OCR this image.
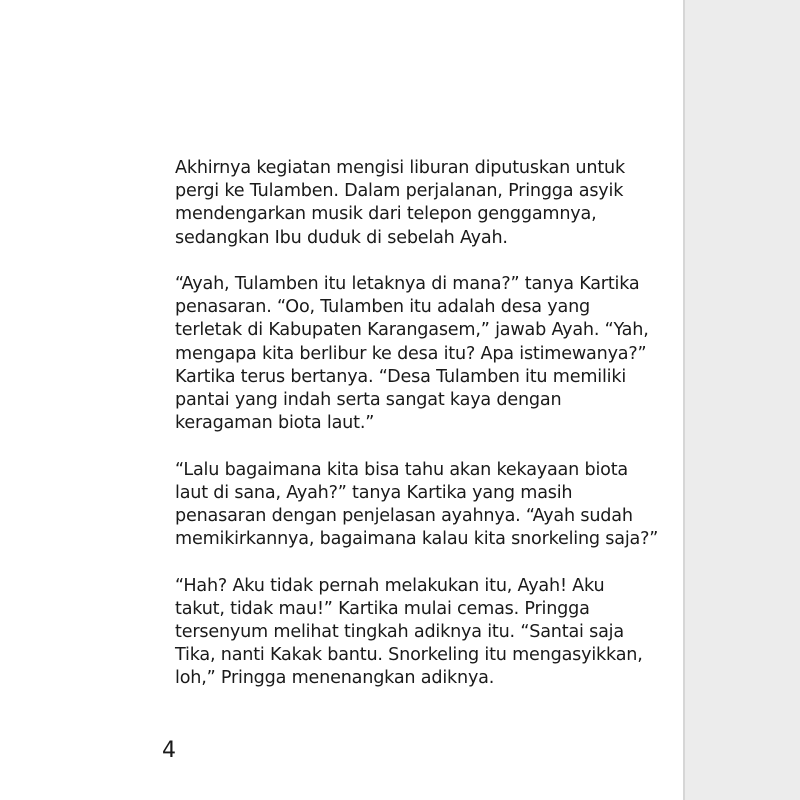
Akhirnya kegiatan mengisi liburan diputuskan untuk
pergi ke Tulamben. Dalam perjalanan, Pringga asyik
mendengarkan musik dari telepon genggamnya,
sedangkan Ibu duduk di sebelah Ayah.

“Ayah, Tulamben itu letaknya di mana?” tanya Kartika
penasaran. “Oo, Tulamben itu adalah desa yang
terletak di Kabupaten Karangasem,” jawab Ayah. “Yah,
mengapa kita berlibur ke desa itu? Apa istimewanya?”
Kartika terus bertanya. “Desa Tulamben itu memiliki
pantai yang indah serta sangat kaya dengan
keragaman biota laut.”

“Lalu bagaimana kita bisa tahu akan kekayaan biota
laut di sana, Ayah?” tanya Kartika yang masih
penasaran dengan penjelasan ayahnya. “Ayah sudah
memikirkannya, bagaimana kalau kita snorkeling saja?”

“Hah? Aku tidak pernah melakukan itu, Ayah! Aku
takut, tidak mau!” Kartika mulai cemas. Pringga
tersenyum melihat tingkah adiknya itu. “Santai saja
Tika, nanti Kakak bantu. Snorkeling itu mengasyikkan,
loh,” Pringga menenangkan adiknya.

4
